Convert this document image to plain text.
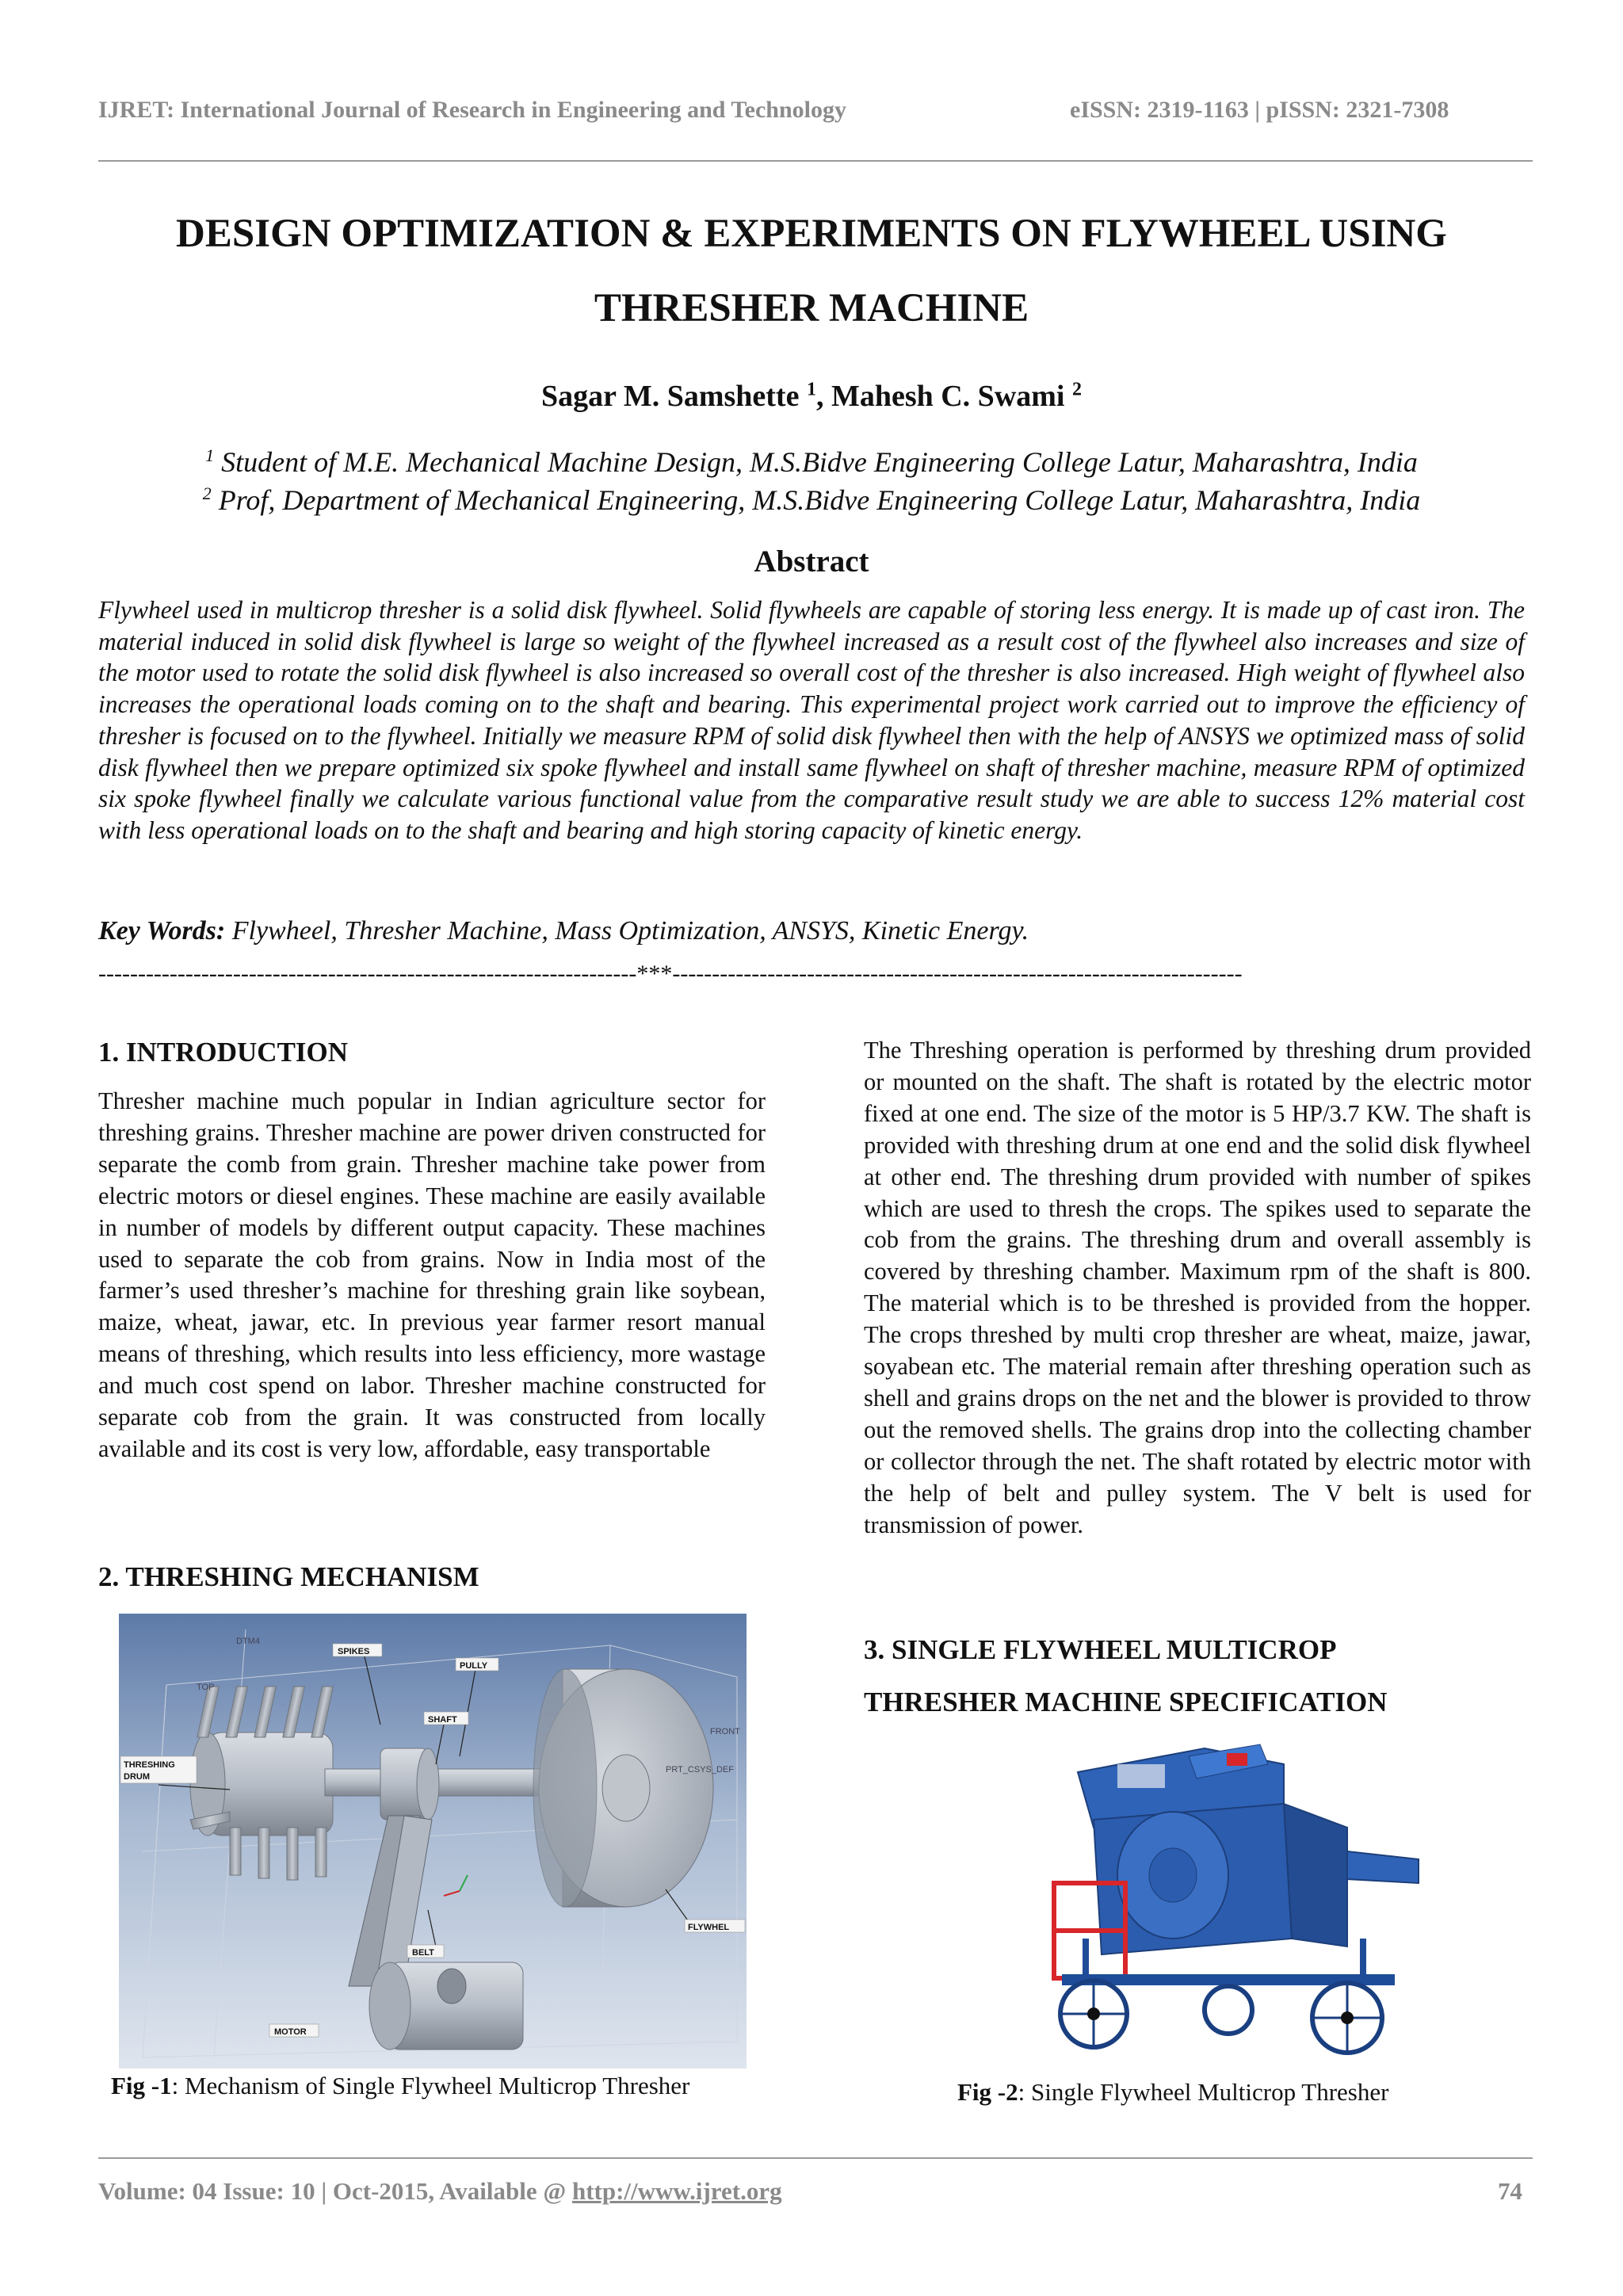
IJRET: International Journal of Research in Engineering and Technology	eISSN: 2319-1163 | pISSN: 2321-7308
DESIGN OPTIMIZATION & EXPERIMENTS ON FLYWHEEL USING
THRESHER MACHINE
Sagar M. Samshette $^1$, Mahesh C. Swami $^2$
$^1$ Student of M.E. Mechanical Machine Design, M.S.Bidve Engineering College Latur, Maharashtra, India
$^2$ Prof, Department of Mechanical Engineering, M.S.Bidve Engineering College Latur, Maharashtra, India
Abstract
Flywheel used in multicrop thresher is a solid disk flywheel. Solid flywheels are capable of storing less energy. It is made up of cast iron. The material induced in solid disk flywheel is large so weight of the flywheel increased as a result cost of the flywheel also increases and size of the motor used to rotate the solid disk flywheel is also increased so overall cost of the thresher is also increased. High weight of flywheel also increases the operational loads coming on to the shaft and bearing. This experimental project work carried out to improve the efficiency of thresher is focused on to the flywheel. Initially we measure RPM of solid disk flywheel then with the help of ANSYS we optimized mass of solid disk flywheel then we prepare optimized six spoke flywheel and install same flywheel on shaft of thresher machine, measure RPM of optimized six spoke flywheel finally we calculate various functional value from the comparative result study we are able to success 12% material cost with less operational loads on to the shaft and bearing and high storing capacity of kinetic energy.
Key Words: Flywheel, Thresher Machine, Mass Optimization, ANSYS, Kinetic Energy.
--------------------------------------------------------------------***------------------------------------------------------------------------
1. INTRODUCTION
Thresher machine much popular in Indian agriculture sector for threshing grains. Thresher machine are power driven constructed for separate the comb from grain. Thresher machine take power from electric motors or diesel engines. These machine are easily available in number of models by different output capacity. These machines used to separate the cob from grains. Now in India most of the farmer’s used thresher’s machine for threshing grain like soybean, maize, wheat, jawar, etc. In previous year farmer resort manual means of threshing, which results into less efficiency, more wastage and much cost spend on labor. Thresher machine constructed for separate cob from the grain. It was constructed from locally available and its cost is very low, affordable, easy transportable
2. THRESHING MECHANISM
DTM4
TOP
SPIKES
PULLY
SHAFT
THRESHING
DRUM
FRONT
PRT_CSYS_DEF
FLYWHEL
BELT
MOTOR
Fig -1: Mechanism of Single Flywheel Multicrop Thresher
The Threshing operation is performed by threshing drum provided or mounted on the shaft. The shaft is rotated by the electric motor fixed at one end. The size of the motor is 5 HP/3.7 KW. The shaft is provided with threshing drum at one end and the solid disk flywheel at other end. The threshing drum provided with number of spikes which are used to thresh the crops. The spikes used to separate the cob from the grains. The threshing drum and overall assembly is covered by threshing chamber. Maximum rpm of the shaft is 800. The material which is to be threshed is provided from the hopper. The crops threshed by multi crop thresher are wheat, maize, jawar, soyabean etc. The material remain after threshing operation such as shell and grains drops on the net and the blower is provided to throw out the removed shells. The grains drop into the collecting chamber or collector through the net. The shaft rotated by electric motor with the help of belt and pulley system. The V belt is used for transmission of power.
3. SINGLE FLYWHEEL MULTICROP
THRESHER MACHINE SPECIFICATION
Fig -2: Single Flywheel Multicrop Thresher
Volume: 04 Issue: 10 | Oct-2015, Available @ http://www.ijret.org	74
